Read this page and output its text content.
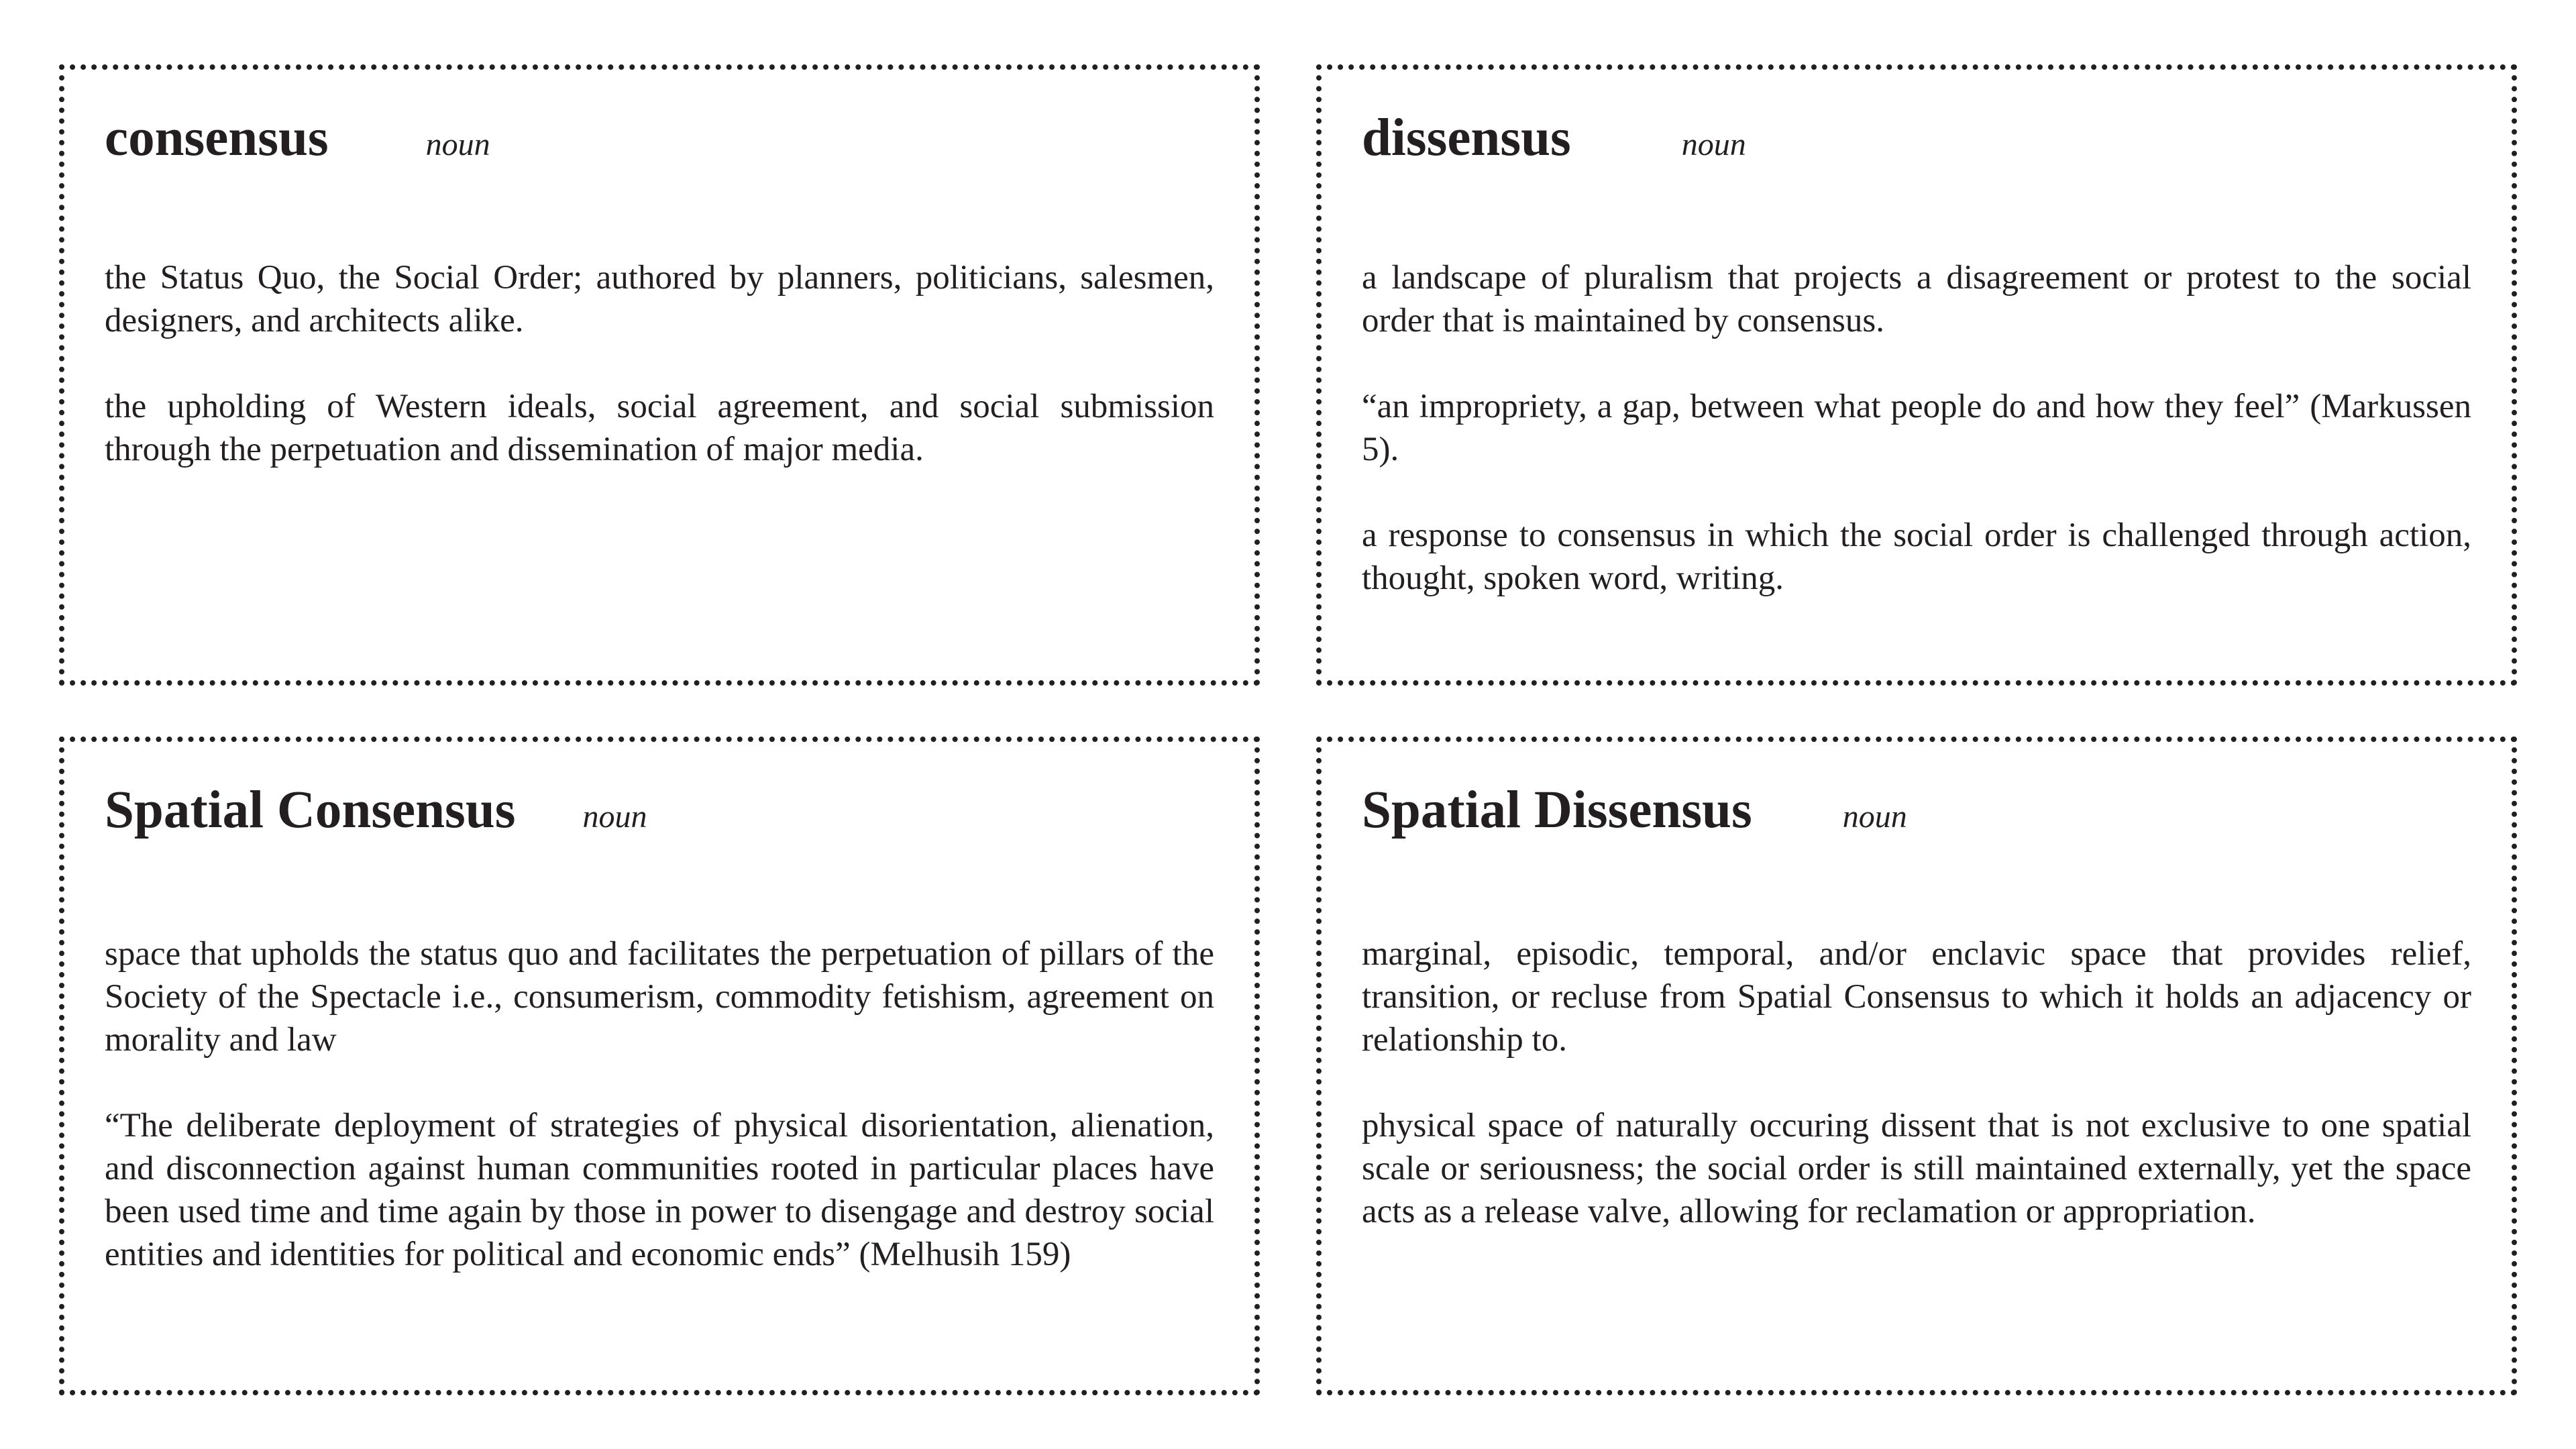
consensus	noun

the Status Quo, the Social Order; authored by planners, politicians, salesmen, designers, and architects alike.

the upholding of Western ideals, social agreement, and social submission through the perpetuation and dissemination of major media.

dissensus	noun

a landscape of pluralism that projects a disagreement or protest to the social order that is maintained by consensus.

“an impropriety, a gap, between what people do and how they feel” (Markussen 5).

a response to consensus in which the social order is challenged through action, thought, spoken word, writing.

Spatial Consensus noun

space that upholds the status quo and facilitates the perpetuation of pillars of the Society of the Spectacle i.e., consumerism, commodity fetishism, agreement on morality and law

“The deliberate deployment of strategies of physical disorientation, alienation, and disconnection against human communities rooted in particular places have been used time and time again by those in power to disengage and destroy social entities and identities for political and economic ends” (Melhusih 159)

Spatial Dissensus	noun

marginal, episodic, temporal, and/or enclavic space that provides relief, transition, or recluse from Spatial Consensus to which it holds an adjacency or relationship to.

physical space of naturally occuring dissent that is not exclusive to one spatial scale or seriousness; the social order is still maintained externally, yet the space acts as a release valve, allowing for reclamation or appropriation.
